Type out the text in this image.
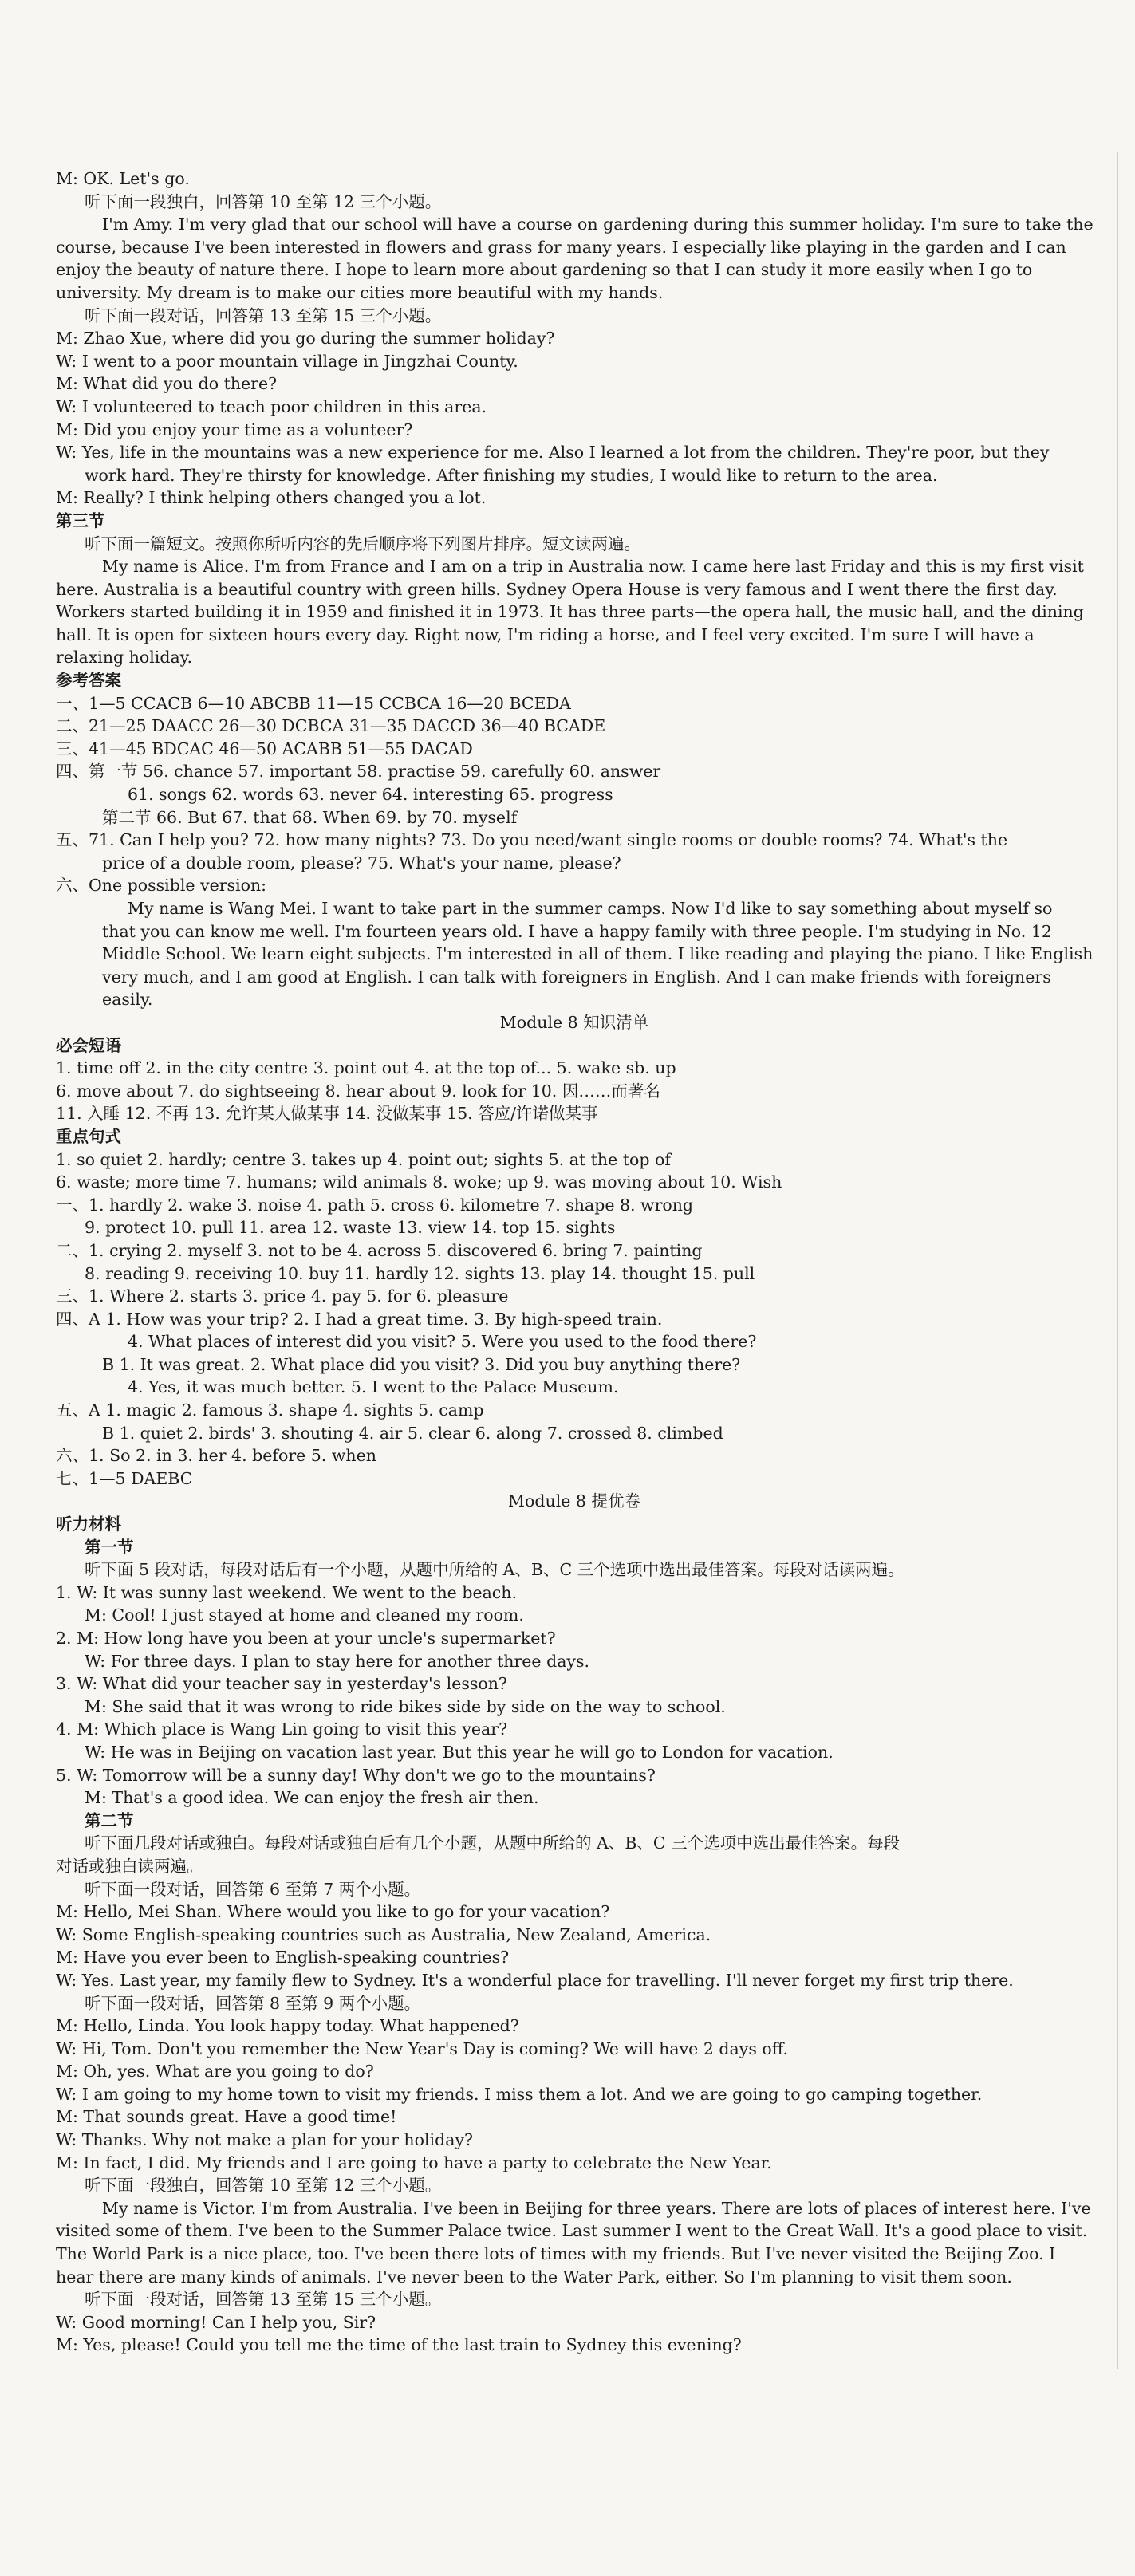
M: OK. Let's go.
听下面一段独白，回答第 10 至第 12 三个小题。
I'm Amy. I'm very glad that our school will have a course on gardening during this summer holiday. I'm sure to take the
course, because I've been interested in flowers and grass for many years. I especially like playing in the garden and I can
enjoy the beauty of nature there. I hope to learn more about gardening so that I can study it more easily when I go to
university. My dream is to make our cities more beautiful with my hands.
听下面一段对话，回答第 13 至第 15 三个小题。
M: Zhao Xue, where did you go during the summer holiday?
W: I went to a poor mountain village in Jingzhai County.
M: What did you do there?
W: I volunteered to teach poor children in this area.
M: Did you enjoy your time as a volunteer?
W: Yes, life in the mountains was a new experience for me. Also I learned a lot from the children. They're poor, but they
work hard. They're thirsty for knowledge. After finishing my studies, I would like to return to the area.
M: Really? I think helping others changed you a lot.
第三节
听下面一篇短文。按照你所听内容的先后顺序将下列图片排序。短文读两遍。
My name is Alice. I'm from France and I am on a trip in Australia now. I came here last Friday and this is my first visit
here. Australia is a beautiful country with green hills. Sydney Opera House is very famous and I went there the first day.
Workers started building it in 1959 and finished it in 1973. It has three parts—the opera hall, the music hall, and the dining
hall. It is open for sixteen hours every day. Right now, I'm riding a horse, and I feel very excited. I'm sure I will have a
relaxing holiday.
参考答案
一、1—5 CCACB 6—10 ABCBB 11—15 CCBCA 16—20 BCEDA
二、21—25 DAACC 26—30 DCBCA 31—35 DACCD 36—40 BCADE
三、41—45 BDCAC 46—50 ACABB 51—55 DACAD
四、第一节 56. chance 57. important 58. practise 59. carefully 60. answer
61. songs 62. words 63. never 64. interesting 65. progress
第二节 66. But 67. that 68. When 69. by 70. myself
五、71. Can I help you? 72. how many nights? 73. Do you need/want single rooms or double rooms? 74. What's the
price of a double room, please? 75. What's your name, please?
六、One possible version:
My name is Wang Mei. I want to take part in the summer camps. Now I'd like to say something about myself so
that you can know me well. I'm fourteen years old. I have a happy family with three people. I'm studying in No. 12
Middle School. We learn eight subjects. I'm interested in all of them. I like reading and playing the piano. I like English
very much, and I am good at English. I can talk with foreigners in English. And I can make friends with foreigners
easily.
Module 8 知识清单
必会短语
1. time off 2. in the city centre 3. point out 4. at the top of... 5. wake sb. up
6. move about 7. do sightseeing 8. hear about 9. look for 10. 因……而著名
11. 入睡 12. 不再 13. 允许某人做某事 14. 没做某事 15. 答应/许诺做某事
重点句式
1. so quiet 2. hardly; centre 3. takes up 4. point out; sights 5. at the top of
6. waste; more time 7. humans; wild animals 8. woke; up 9. was moving about 10. Wish
一、1. hardly 2. wake 3. noise 4. path 5. cross 6. kilometre 7. shape 8. wrong
9. protect 10. pull 11. area 12. waste 13. view 14. top 15. sights
二、1. crying 2. myself 3. not to be 4. across 5. discovered 6. bring 7. painting
8. reading 9. receiving 10. buy 11. hardly 12. sights 13. play 14. thought 15. pull
三、1. Where 2. starts 3. price 4. pay 5. for 6. pleasure
四、A 1. How was your trip? 2. I had a great time. 3. By high-speed train.
4. What places of interest did you visit? 5. Were you used to the food there?
B 1. It was great. 2. What place did you visit? 3. Did you buy anything there?
4. Yes, it was much better. 5. I went to the Palace Museum.
五、A 1. magic 2. famous 3. shape 4. sights 5. camp
B 1. quiet 2. birds' 3. shouting 4. air 5. clear 6. along 7. crossed 8. climbed
六、1. So 2. in 3. her 4. before 5. when
七、1—5 DAEBC
Module 8 提优卷
听力材料
第一节
听下面 5 段对话，每段对话后有一个小题，从题中所给的 A、B、C 三个选项中选出最佳答案。每段对话读两遍。
1. W: It was sunny last weekend. We went to the beach.
M: Cool! I just stayed at home and cleaned my room.
2. M: How long have you been at your uncle's supermarket?
W: For three days. I plan to stay here for another three days.
3. W: What did your teacher say in yesterday's lesson?
M: She said that it was wrong to ride bikes side by side on the way to school.
4. M: Which place is Wang Lin going to visit this year?
W: He was in Beijing on vacation last year. But this year he will go to London for vacation.
5. W: Tomorrow will be a sunny day! Why don't we go to the mountains?
M: That's a good idea. We can enjoy the fresh air then.
第二节
听下面几段对话或独白。每段对话或独白后有几个小题，从题中所给的 A、B、C 三个选项中选出最佳答案。每段
对话或独白读两遍。
听下面一段对话，回答第 6 至第 7 两个小题。
M: Hello, Mei Shan. Where would you like to go for your vacation?
W: Some English-speaking countries such as Australia, New Zealand, America.
M: Have you ever been to English-speaking countries?
W: Yes. Last year, my family flew to Sydney. It's a wonderful place for travelling. I'll never forget my first trip there.
听下面一段对话，回答第 8 至第 9 两个小题。
M: Hello, Linda. You look happy today. What happened?
W: Hi, Tom. Don't you remember the New Year's Day is coming? We will have 2 days off.
M: Oh, yes. What are you going to do?
W: I am going to my home town to visit my friends. I miss them a lot. And we are going to go camping together.
M: That sounds great. Have a good time!
W: Thanks. Why not make a plan for your holiday?
M: In fact, I did. My friends and I are going to have a party to celebrate the New Year.
听下面一段独白，回答第 10 至第 12 三个小题。
My name is Victor. I'm from Australia. I've been in Beijing for three years. There are lots of places of interest here. I've
visited some of them. I've been to the Summer Palace twice. Last summer I went to the Great Wall. It's a good place to visit.
The World Park is a nice place, too. I've been there lots of times with my friends. But I've never visited the Beijing Zoo. I
hear there are many kinds of animals. I've never been to the Water Park, either. So I'm planning to visit them soon.
听下面一段对话，回答第 13 至第 15 三个小题。
W: Good morning! Can I help you, Sir?
M: Yes, please! Could you tell me the time of the last train to Sydney this evening?
